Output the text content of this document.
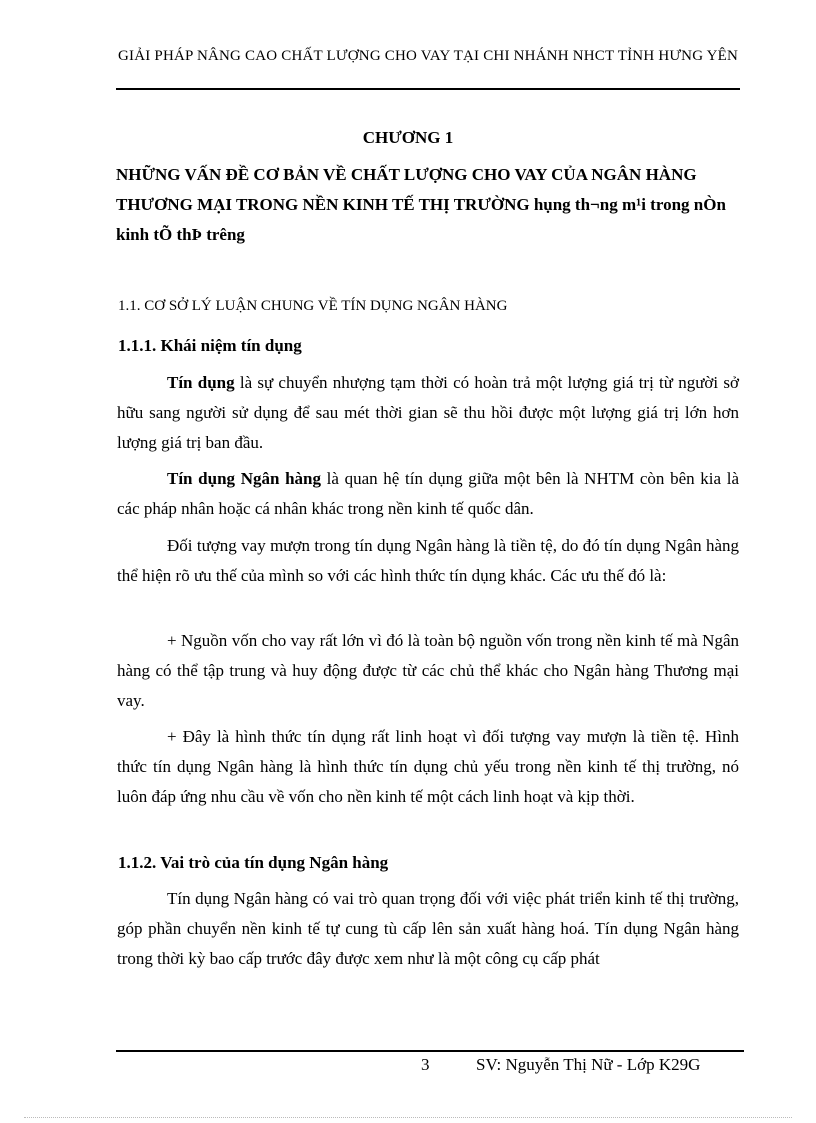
GIẢI PHÁP NÂNG CAO CHẤT LƯỢNG CHO VAY TẠI CHI NHÁNH NHCT TỈNH HƯNG YÊN
CHƯƠNG 1
NHỮNG VẤN ĐỀ CƠ BẢN VỀ CHẤT LƯỢNG CHO VAY CỦA NGÂN HÀNG THƯƠNG MẠI TRONG NỀN KINH TẾ THỊ TRƯỜNG hụng th¬ng m¹i trong nÒn kinh tÕ thÞ trêng
1.1. CƠ SỞ LÝ LUẬN CHUNG VỀ TÍN DỤNG NGÂN HÀNG
1.1.1. Khái niệm tín dụng
Tín dụng là sự chuyển nhượng tạm thời có hoàn trả một lượng giá trị từ người sở hữu sang người sử dụng để sau mét thời gian sẽ thu hồi được một lượng giá trị lớn hơn lượng giá trị ban đầu.
Tín dụng Ngân hàng là quan hệ tín dụng giữa một bên là NHTM còn bên kia là các pháp nhân hoặc cá nhân khác trong nền kinh tế quốc dân.
Đối tượng vay mượn trong tín dụng Ngân hàng là tiền tệ, do đó tín dụng Ngân hàng thể hiện rõ ưu thế của mình so với các hình thức tín dụng khác. Các ưu thế đó là:
+ Nguồn vốn cho vay rất lớn vì đó là toàn bộ nguồn vốn trong nền kinh tế mà Ngân hàng có thể tập trung và huy động được từ các chủ thể khác cho Ngân hàng Thương mại vay.
+ Đây là hình thức tín dụng rất linh hoạt vì đối tượng vay mượn là tiền tệ. Hình thức tín dụng Ngân hàng là hình thức tín dụng chủ yếu trong nền kinh tế thị trường, nó luôn đáp ứng nhu cầu về vốn cho nền kinh tế một cách linh hoạt và kịp thời.
1.1.2. Vai trò của tín dụng Ngân hàng
Tín dụng Ngân hàng có vai trò quan trọng đối với việc phát triển kinh tế thị trường, góp phần chuyển nền kinh tế tự cung tù cấp lên sản xuất hàng hoá. Tín dụng Ngân hàng trong thời kỳ bao cấp trước đây được xem như là một công cụ cấp phát
3	SV: Nguyễn Thị Nữ - Lớp K29G
